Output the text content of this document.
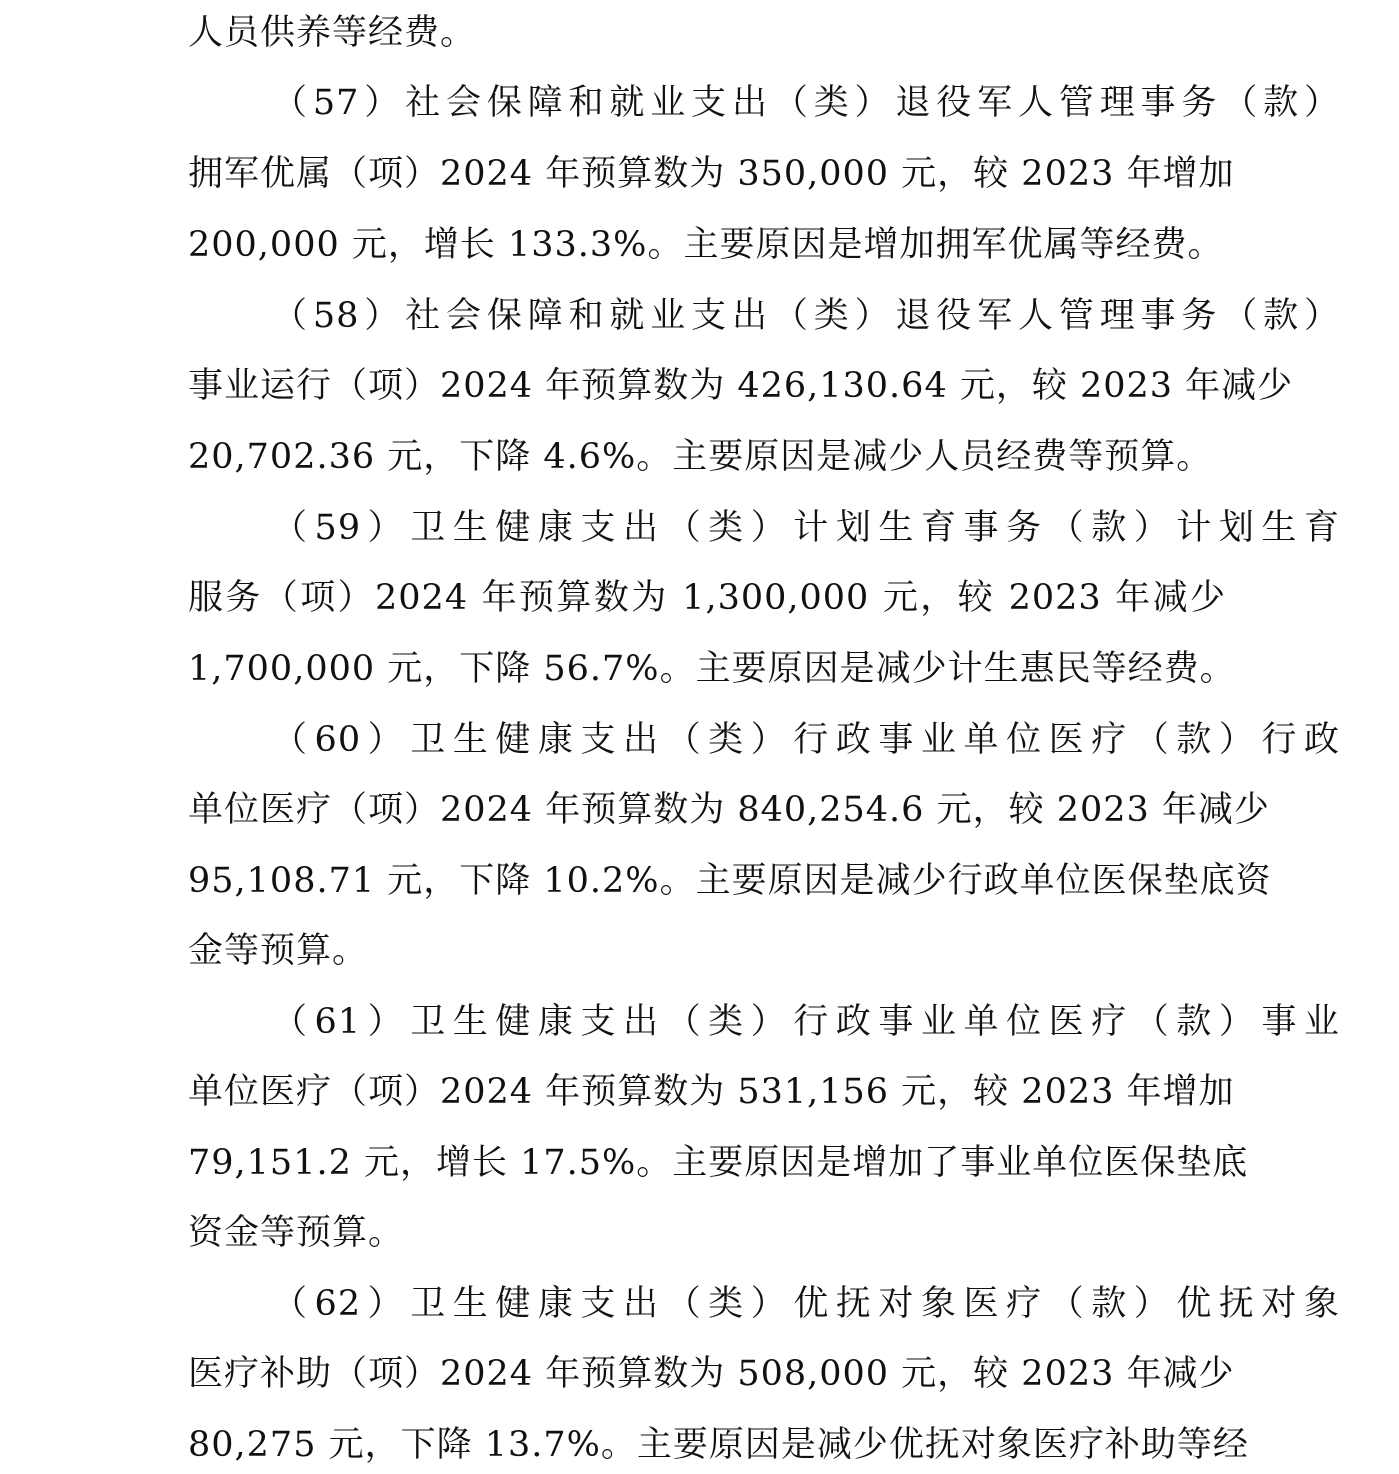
人员供养等经费。
（57）社会保障和就业支出（类）退役军人管理事务（款）
拥军优属（项）2024 年预算数为 350,000 元，较 2023 年增加
200,000 元，增长 133.3%。主要原因是增加拥军优属等经费。
（58）社会保障和就业支出（类）退役军人管理事务（款）
事业运行（项）2024 年预算数为 426,130.64 元，较 2023 年减少
20,702.36 元，下降 4.6%。主要原因是减少人员经费等预算。
（59）卫生健康支出（类）计划生育事务（款）计划生育
服务（项）2024 年预算数为 1,300,000 元，较 2023 年减少
1,700,000 元，下降 56.7%。主要原因是减少计生惠民等经费。
（60）卫生健康支出（类）行政事业单位医疗（款）行政
单位医疗（项）2024 年预算数为 840,254.6 元，较 2023 年减少
95,108.71 元，下降 10.2%。主要原因是减少行政单位医保垫底资
金等预算。
（61）卫生健康支出（类）行政事业单位医疗（款）事业
单位医疗（项）2024 年预算数为 531,156 元，较 2023 年增加
79,151.2 元，增长 17.5%。主要原因是增加了事业单位医保垫底
资金等预算。
（62）卫生健康支出（类）优抚对象医疗（款）优抚对象
医疗补助（项）2024 年预算数为 508,000 元，较 2023 年减少
80,275 元，下降 13.7%。主要原因是减少优抚对象医疗补助等经
